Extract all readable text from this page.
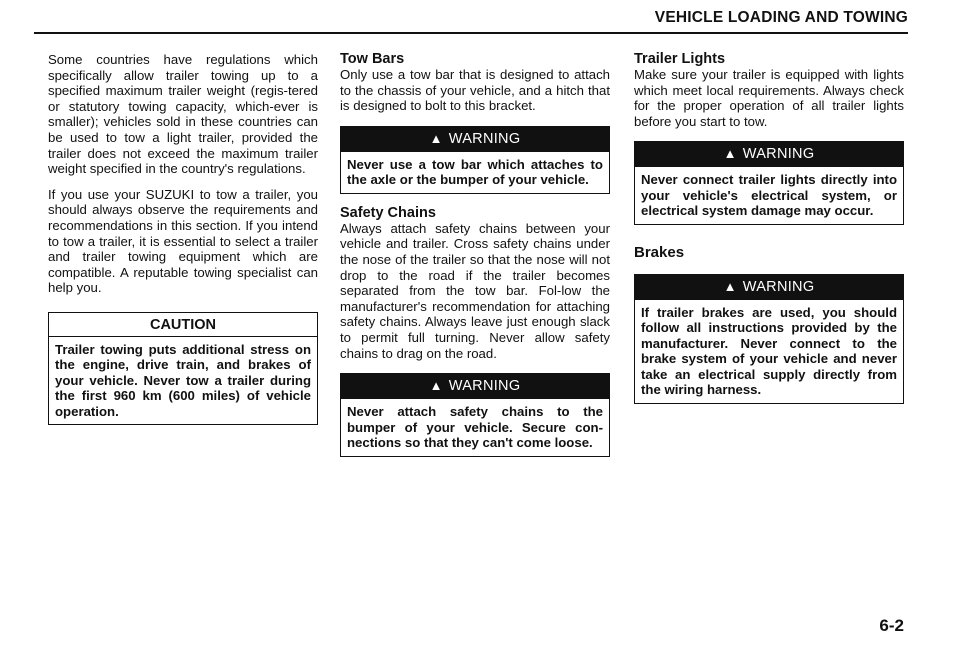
VEHICLE LOADING AND TOWING

Some countries have regulations which specifically allow trailer towing up to a specified maximum trailer weight (regis-tered or statutory towing capacity, which-ever is smaller); vehicles sold in these countries can be used to tow a light trailer, provided the trailer does not exceed the maximum trailer weight specified in the country's regulations.

If you use your SUZUKI to tow a trailer, you should always observe the requirements and recommendations in this section. If you intend to tow a trailer, it is essential to select a trailer and trailer towing equipment which are compatible. A reputable towing specialist can help you.

CAUTION
Trailer towing puts additional stress on the engine, drive train, and brakes of your vehicle. Never tow a trailer during the first 960 km (600 miles) of vehicle operation.
Tow Bars

Only use a tow bar that is designed to attach to the chassis of your vehicle, and a hitch that is designed to bolt to this bracket.

▲ WARNING
Never use a tow bar which attaches to the axle or the bumper of your vehicle.
Safety Chains

Always attach safety chains between your vehicle and trailer. Cross safety chains under the nose of the trailer so that the nose will not drop to the road if the trailer becomes separated from the tow bar. Fol-low the manufacturer's recommendation for attaching safety chains. Always leave just enough slack to permit full turning. Never allow safety chains to drag on the road.

▲ WARNING
Never attach safety chains to the bumper of your vehicle. Secure con-nections so that they can't come loose.
Trailer Lights

Make sure your trailer is equipped with lights which meet local requirements. Always check for the proper operation of all trailer lights before you start to tow.

▲ WARNING
Never connect trailer lights directly into your vehicle's electrical system, or electrical system damage may occur.
Brakes
▲ WARNING
If trailer brakes are used, you should follow all instructions provided by the manufacturer. Never connect to the brake system of your vehicle and never take an electrical supply directly from the wiring harness.
6-2
